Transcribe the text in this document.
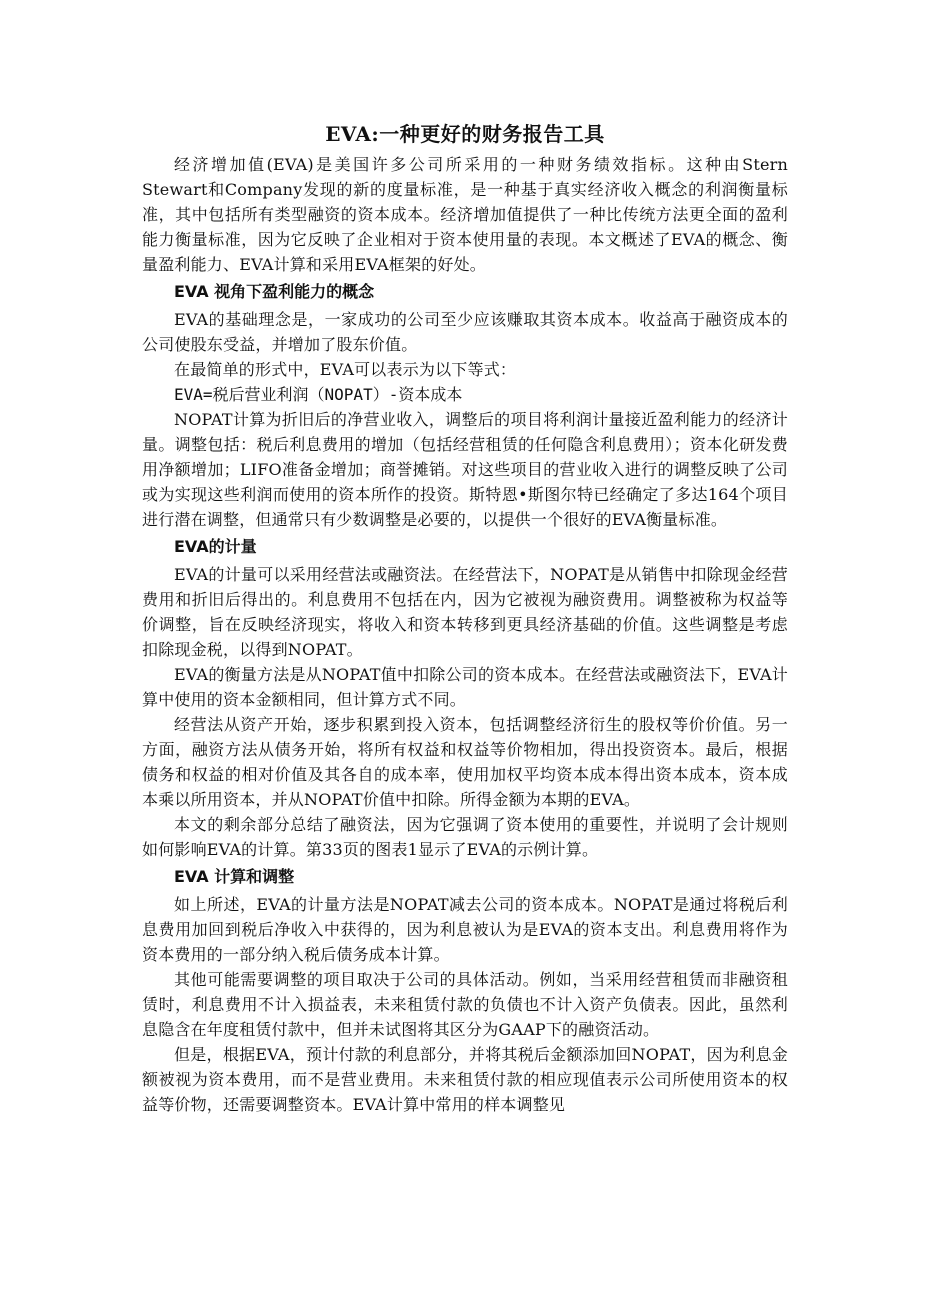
EVA:一种更好的财务报告工具

经济增加值(EVA)是美国许多公司所采用的一种财务绩效指标。这种由Stern Stewart和Company发现的新的度量标准，是一种基于真实经济收入概念的利润衡量标准，其中包括所有类型融资的资本成本。经济增加值提供了一种比传统方法更全面的盈利能力衡量标准，因为它反映了企业相对于资本使用量的表现。本文概述了EVA的概念、衡量盈利能力、EVA计算和采用EVA框架的好处。

EVA 视角下盈利能力的概念

EVA的基础理念是，一家成功的公司至少应该赚取其资本成本。收益高于融资成本的公司使股东受益，并增加了股东价值。

在最简单的形式中，EVA可以表示为以下等式：

EVA=税后营业利润（NOPAT）-资本成本

NOPAT计算为折旧后的净营业收入，调整后的项目将利润计量接近盈利能力的经济计量。调整包括：税后利息费用的增加（包括经营租赁的任何隐含利息费用）；资本化研发费用净额增加；LIFO准备金增加；商誉摊销。对这些项目的营业收入进行的调整反映了公司或为实现这些利润而使用的资本所作的投资。斯特恩•斯图尔特已经确定了多达164个项目进行潜在调整，但通常只有少数调整是必要的，以提供一个很好的EVA衡量标准。

EVA的计量

EVA的计量可以采用经营法或融资法。在经营法下，NOPAT是从销售中扣除现金经营费用和折旧后得出的。利息费用不包括在内，因为它被视为融资费用。调整被称为权益等价调整，旨在反映经济现实，将收入和资本转移到更具经济基础的价值。这些调整是考虑扣除现金税，以得到NOPAT。

EVA的衡量方法是从NOPAT值中扣除公司的资本成本。在经营法或融资法下，EVA计算中使用的资本金额相同，但计算方式不同。

经营法从资产开始，逐步积累到投入资本，包括调整经济衍生的股权等价价值。另一方面，融资方法从债务开始，将所有权益和权益等价物相加，得出投资资本。最后，根据债务和权益的相对价值及其各自的成本率，使用加权平均资本成本得出资本成本，资本成本乘以所用资本，并从NOPAT价值中扣除。所得金额为本期的EVA。

本文的剩余部分总结了融资法，因为它强调了资本使用的重要性，并说明了会计规则如何影响EVA的计算。第33页的图表1显示了EVA的示例计算。

EVA 计算和调整

如上所述，EVA的计量方法是NOPAT减去公司的资本成本。NOPAT是通过将税后利息费用加回到税后净收入中获得的，因为利息被认为是EVA的资本支出。利息费用将作为资本费用的一部分纳入税后债务成本计算。

其他可能需要调整的项目取决于公司的具体活动。例如，当采用经营租赁而非融资租赁时，利息费用不计入损益表，未来租赁付款的负债也不计入资产负债表。因此，虽然利息隐含在年度租赁付款中，但并未试图将其区分为GAAP下的融资活动。

但是，根据EVA，预计付款的利息部分，并将其税后金额添加回NOPAT，因为利息金额被视为资本费用，而不是营业费用。未来租赁付款的相应现值表示公司所使用资本的权益等价物，还需要调整资本。EVA计算中常用的样本调整见
